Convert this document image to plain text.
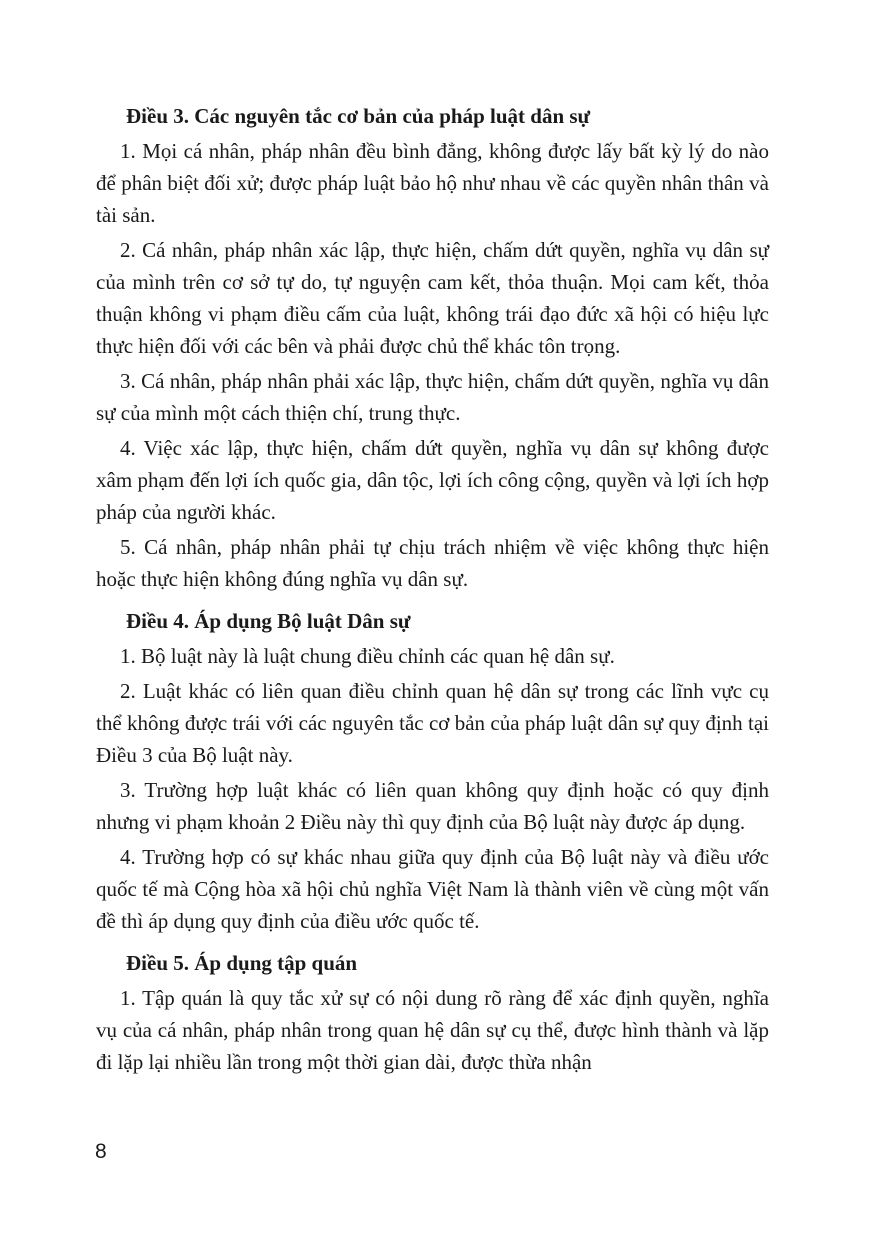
Điều 3. Các nguyên tắc cơ bản của pháp luật dân sự

1. Mọi cá nhân, pháp nhân đều bình đẳng, không được lấy bất kỳ lý do nào để phân biệt đối xử; được pháp luật bảo hộ như nhau về các quyền nhân thân và tài sản.

2. Cá nhân, pháp nhân xác lập, thực hiện, chấm dứt quyền, nghĩa vụ dân sự của mình trên cơ sở tự do, tự nguyện cam kết, thỏa thuận. Mọi cam kết, thỏa thuận không vi phạm điều cấm của luật, không trái đạo đức xã hội có hiệu lực thực hiện đối với các bên và phải được chủ thể khác tôn trọng.

3. Cá nhân, pháp nhân phải xác lập, thực hiện, chấm dứt quyền, nghĩa vụ dân sự của mình một cách thiện chí, trung thực.

4. Việc xác lập, thực hiện, chấm dứt quyền, nghĩa vụ dân sự không được xâm phạm đến lợi ích quốc gia, dân tộc, lợi ích công cộng, quyền và lợi ích hợp pháp của người khác.

5. Cá nhân, pháp nhân phải tự chịu trách nhiệm về việc không thực hiện hoặc thực hiện không đúng nghĩa vụ dân sự.

Điều 4. Áp dụng Bộ luật Dân sự

1. Bộ luật này là luật chung điều chỉnh các quan hệ dân sự.

2. Luật khác có liên quan điều chỉnh quan hệ dân sự trong các lĩnh vực cụ thể không được trái với các nguyên tắc cơ bản của pháp luật dân sự quy định tại Điều 3 của Bộ luật này.

3. Trường hợp luật khác có liên quan không quy định hoặc có quy định nhưng vi phạm khoản 2 Điều này thì quy định của Bộ luật này được áp dụng.

4. Trường hợp có sự khác nhau giữa quy định của Bộ luật này và điều ước quốc tế mà Cộng hòa xã hội chủ nghĩa Việt Nam là thành viên về cùng một vấn đề thì áp dụng quy định của điều ước quốc tế.

Điều 5. Áp dụng tập quán

1. Tập quán là quy tắc xử sự có nội dung rõ ràng để xác định quyền, nghĩa vụ của cá nhân, pháp nhân trong quan hệ dân sự cụ thể, được hình thành và lặp đi lặp lại nhiều lần trong một thời gian dài, được thừa nhận

8
